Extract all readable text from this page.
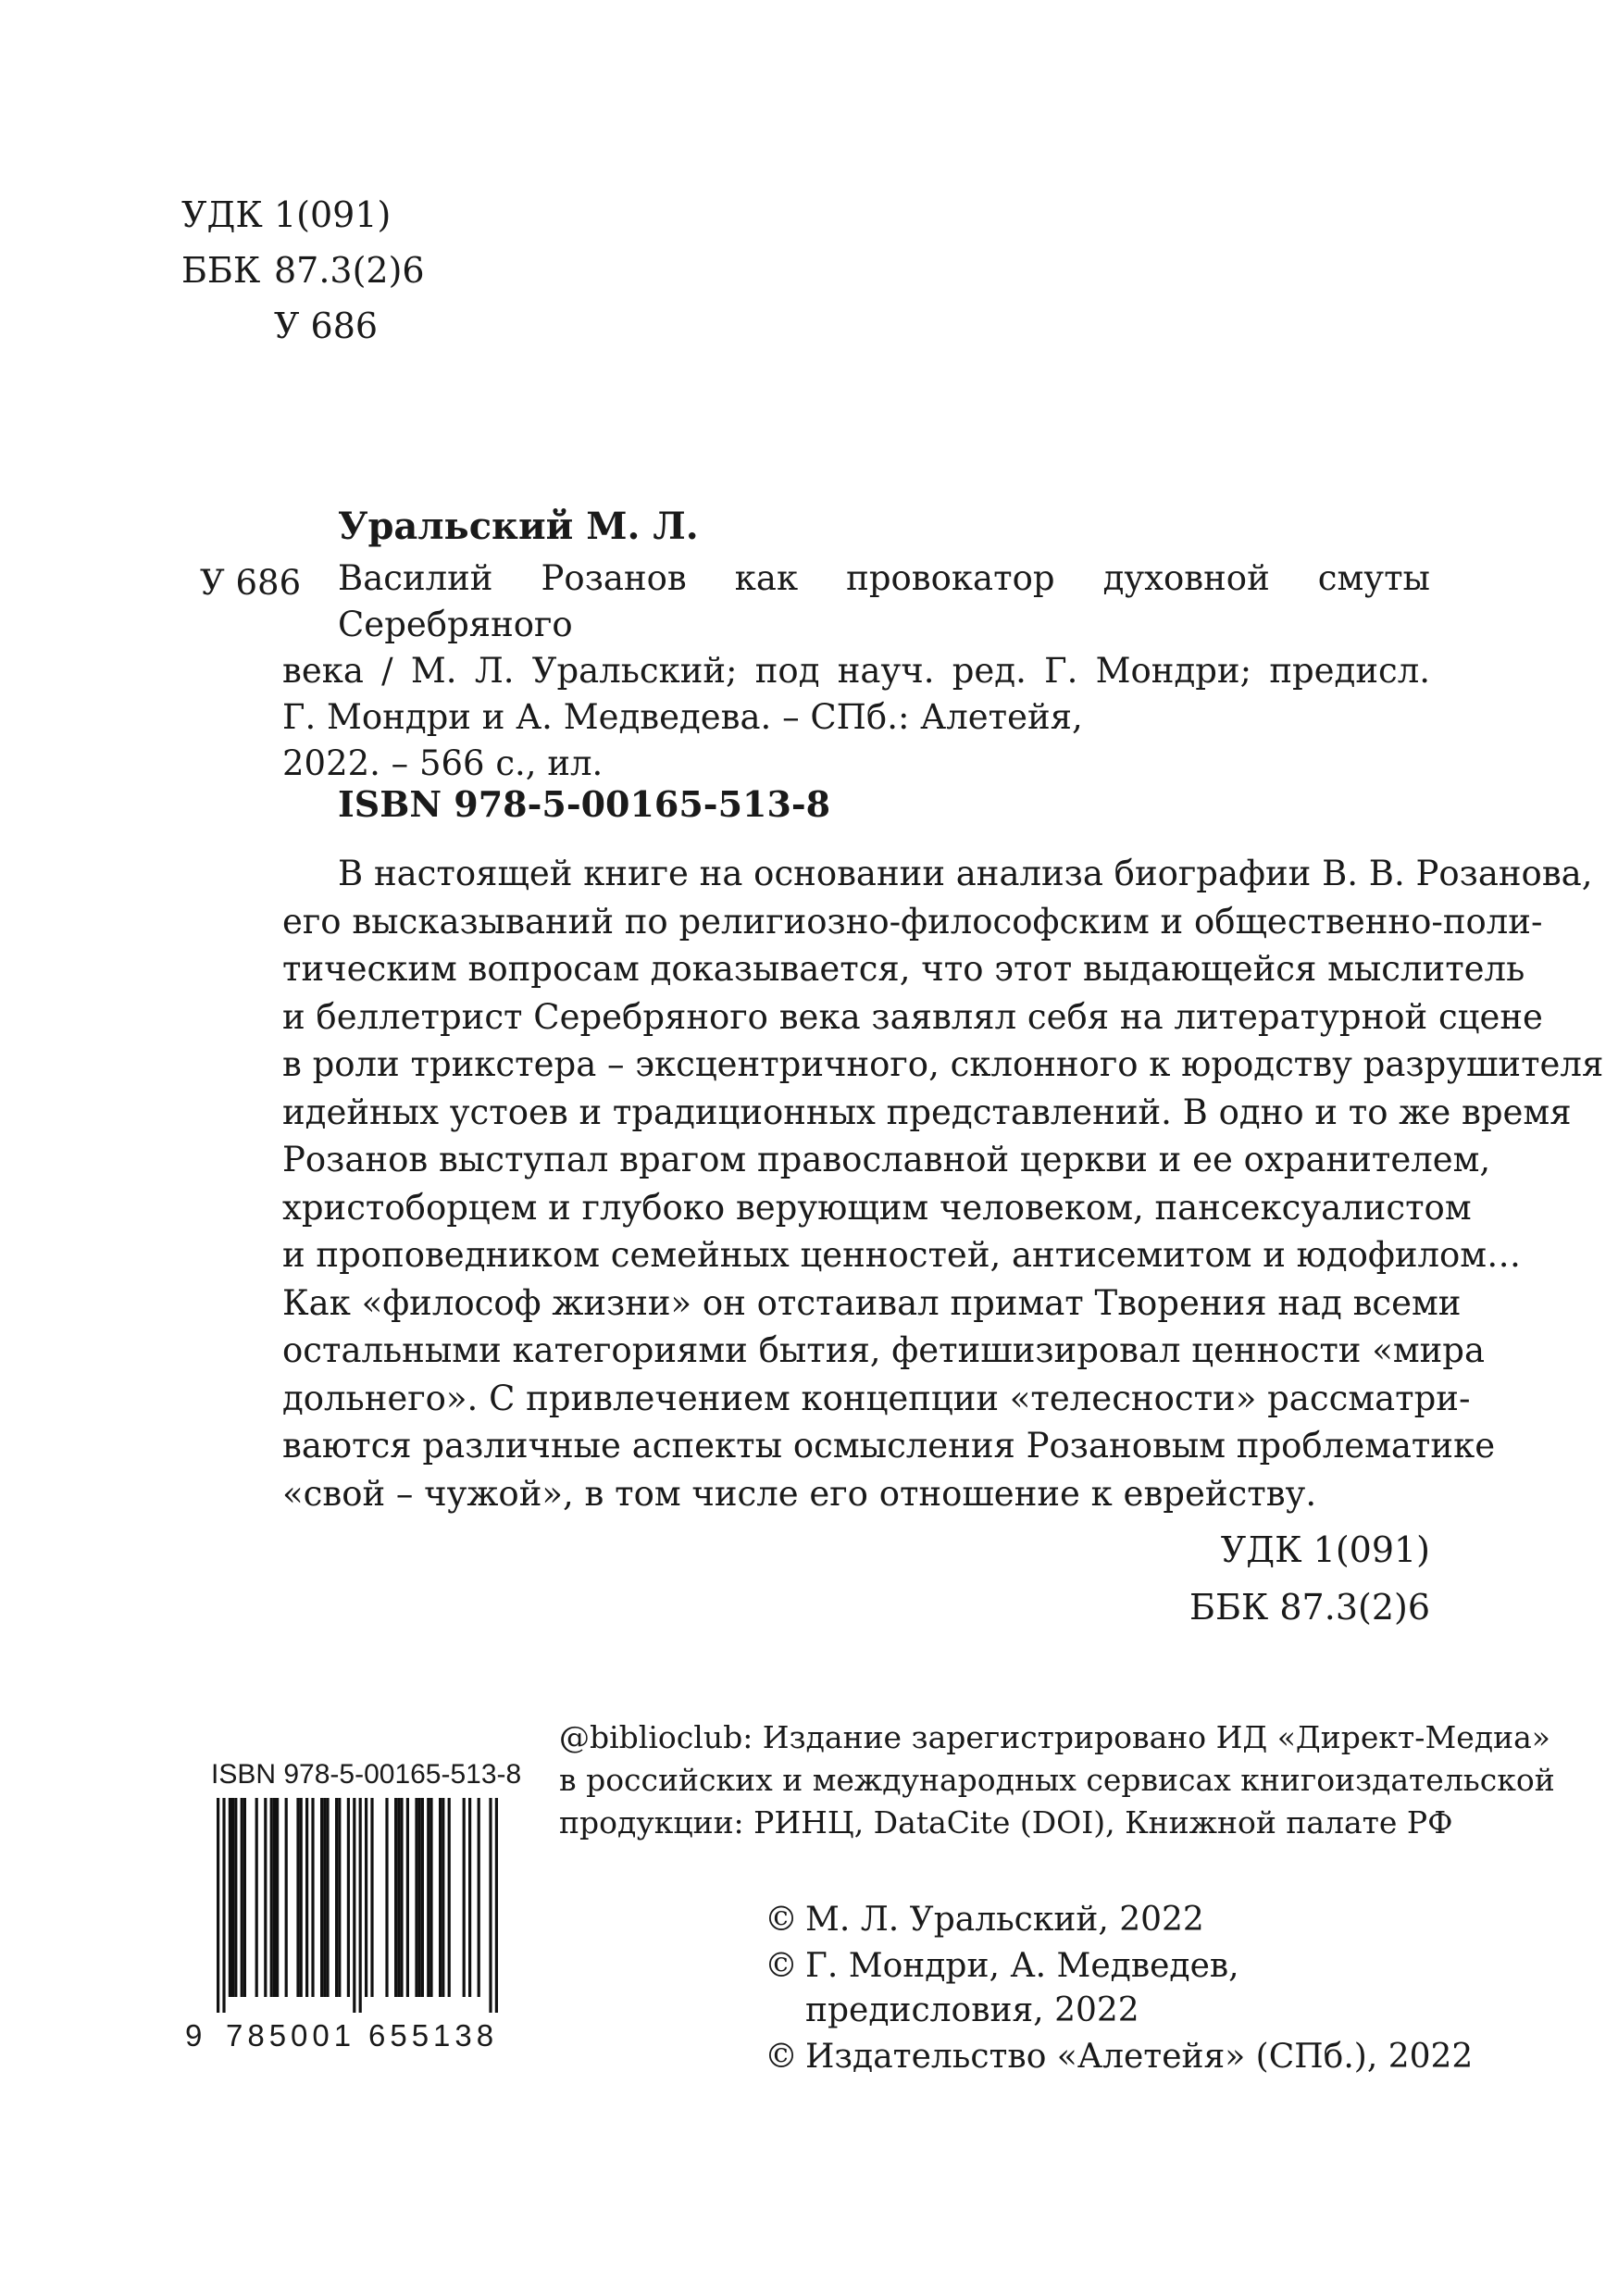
УДК 1(091)
ББК 87.3(2)6
У 686
Уральский М. Л.
У 686	Василий Розанов как провокатор духовной смуты Серебряного
века / М. Л. Уральский; под науч. ред. Г. Мондри; предисл.
Г. Мондри и А. Медведева. – СПб.: Алетейя,
2022. – 566 с., ил.
ISBN 978-5-00165-513-8
В настоящей книге на основании анализа биографии В. В. Розанова,
его высказываний по религиозно-философским и общественно-поли-
тическим вопросам доказывается, что этот выдающейся мыслитель
и беллетрист Серебряного века заявлял себя на литературной сцене
в роли трикстера – эксцентричного, склонного к юродству разрушителя
идейных устоев и традиционных представлений. В одно и то же время
Розанов выступал врагом православной церкви и ее охранителем,
христоборцем и глубоко верующим человеком, пансексуалистом
и проповедником семейных ценностей, антисемитом и юдофилом…
Как «философ жизни» он отстаивал примат Творения над всеми
остальными категориями бытия, фетишизировал ценности «мира
дольнего». С привлечением концепции «телесности» рассматри-
ваются различные аспекты осмысления Розановым проблематике
«свой – чужой», в том числе его отношение к еврейству.
УДК 1(091)
ББК 87.3(2)6
@biblioclub: Издание зарегистрировано ИД «Директ-Медиа»
в российских и международных сервисах книгоиздательской
продукции: РИНЦ, DataCite (DOI), Книжной палате РФ
ISBN 978-5-00165-513-8
9 785001 655138
© М. Л. Уральский, 2022
© Г. Мондри, А. Медведев,
предисловия, 2022
© Издательство «Алетейя» (СПб.), 2022
